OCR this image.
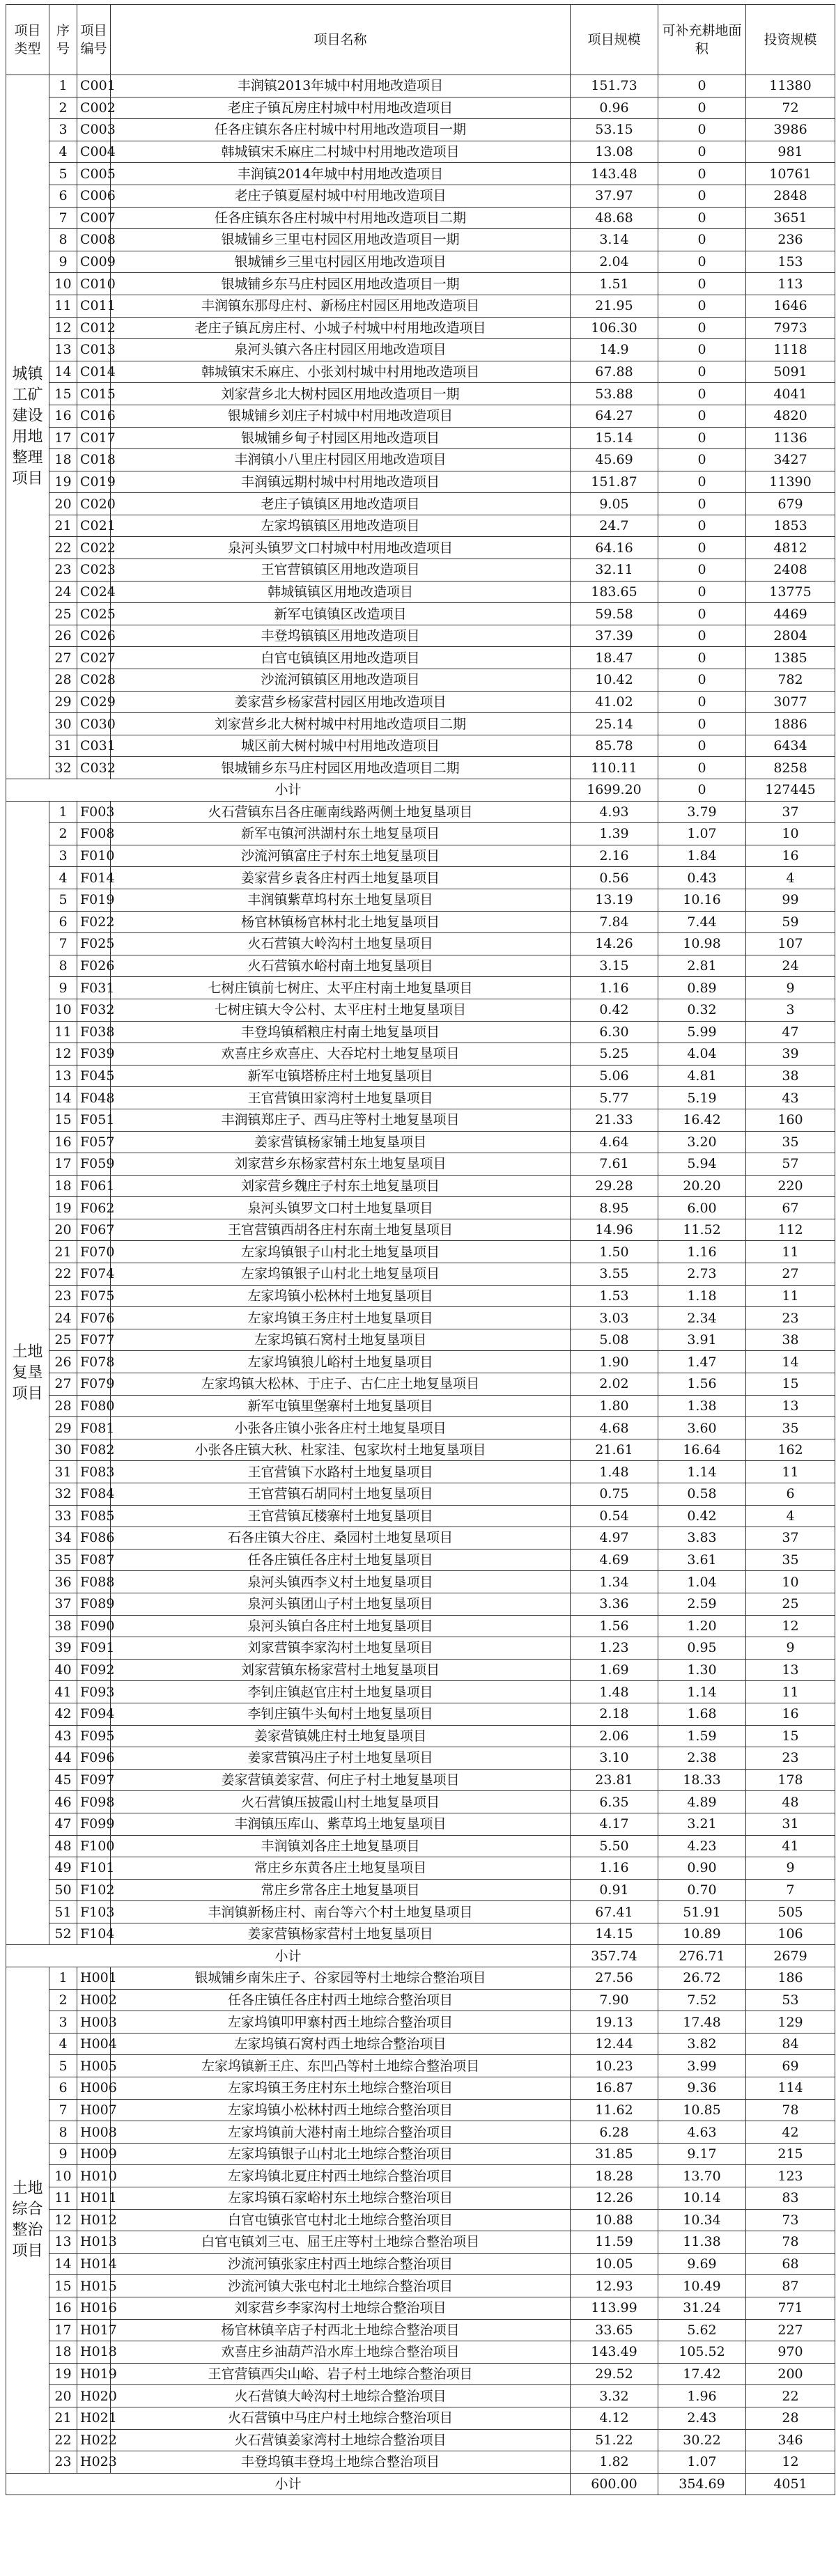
项目类型	序号	项目编号	项目名称	项目规模	可补充耕地面积	投资规模
城镇工矿建设用地整理项目	1	C001	丰润镇2013年城中村用地改造项目	151.73	0	11380
	2	C002	老庄子镇瓦房庄村城中村用地改造项目	0.96	0	72
	3	C003	任各庄镇东各庄村城中村用地改造项目一期	53.15	0	3986
	4	C004	韩城镇宋禾麻庄二村城中村用地改造项目	13.08	0	981
	5	C005	丰润镇2014年城中村用地改造项目	143.48	0	10761
	6	C006	老庄子镇夏屋村城中村用地改造项目	37.97	0	2848
	7	C007	任各庄镇东各庄村城中村用地改造项目二期	48.68	0	3651
	8	C008	银城铺乡三里屯村园区用地改造项目一期	3.14	0	236
	9	C009	银城铺乡三里屯村园区用地改造项目	2.04	0	153
	10	C010	银城铺乡东马庄村园区用地改造项目一期	1.51	0	113
	11	C011	丰润镇东那母庄村、新杨庄村园区用地改造项目	21.95	0	1646
	12	C012	老庄子镇瓦房庄村、小城子村城中村用地改造项目	106.30	0	7973
	13	C013	泉河头镇六各庄村园区用地改造项目	14.9	0	1118
	14	C014	韩城镇宋禾麻庄、小张刘村城中村用地改造项目	67.88	0	5091
	15	C015	刘家营乡北大树村园区用地改造项目一期	53.88	0	4041
	16	C016	银城铺乡刘庄子村城中村用地改造项目	64.27	0	4820
	17	C017	银城铺乡甸子村园区用地改造项目	15.14	0	1136
	18	C018	丰润镇小八里庄村园区用地改造项目	45.69	0	3427
	19	C019	丰润镇远期村城中村用地改造项目	151.87	0	11390
	20	C020	老庄子镇镇区用地改造项目	9.05	0	679
	21	C021	左家坞镇镇区用地改造项目	24.7	0	1853
	22	C022	泉河头镇罗文口村城中村用地改造项目	64.16	0	4812
	23	C023	王官营镇镇区用地改造项目	32.11	0	2408
	24	C024	韩城镇镇区用地改造项目	183.65	0	13775
	25	C025	新军屯镇镇区改造项目	59.58	0	4469
	26	C026	丰登坞镇镇区用地改造项目	37.39	0	2804
	27	C027	白官屯镇镇区用地改造项目	18.47	0	1385
	28	C028	沙流河镇镇区用地改造项目	10.42	0	782
	29	C029	姜家营乡杨家营村园区用地改造项目	41.02	0	3077
	30	C030	刘家营乡北大树村城中村用地改造项目二期	25.14	0	1886
	31	C031	城区前大树村城中村用地改造项目	85.78	0	6434
	32	C032	银城铺乡东马庄村园区用地改造项目二期	110.11	0	8258
小计				1699.20	0	127445
土地复垦项目	1	F003	火石营镇东吕各庄砸南线路两侧土地复垦项目	4.93	3.79	37
	2	F008	新军屯镇河洪湖村东土地复垦项目	1.39	1.07	10
	3	F010	沙流河镇富庄子村东土地复垦项目	2.16	1.84	16
	4	F014	姜家营乡袁各庄村西土地复垦项目	0.56	0.43	4
	5	F019	丰润镇紫草坞村东土地复垦项目	13.19	10.16	99
	6	F022	杨官林镇杨官林村北土地复垦项目	7.84	7.44	59
	7	F025	火石营镇大岭沟村土地复垦项目	14.26	10.98	107
	8	F026	火石营镇水峪村南土地复垦项目	3.15	2.81	24
	9	F031	七树庄镇前七树庄、太平庄村南土地复垦项目	1.16	0.89	9
	10	F032	七树庄镇大令公村、太平庄村土地复垦项目	0.42	0.32	3
	11	F038	丰登坞镇稻粮庄村南土地复垦项目	6.30	5.99	47
	12	F039	欢喜庄乡欢喜庄、大吞坨村土地复垦项目	5.25	4.04	39
	13	F045	新军屯镇塔桥庄村土地复垦项目	5.06	4.81	38
	14	F048	王官营镇田家湾村土地复垦项目	5.77	5.19	43
	15	F051	丰润镇郑庄子、西马庄等村土地复垦项目	21.33	16.42	160
	16	F057	姜家营镇杨家铺土地复垦项目	4.64	3.20	35
	17	F059	刘家营乡东杨家营村东土地复垦项目	7.61	5.94	57
	18	F061	刘家营乡魏庄子村东土地复垦项目	29.28	20.20	220
	19	F062	泉河头镇罗文口村土地复垦项目	8.95	6.00	67
	20	F067	王官营镇西胡各庄村东南土地复垦项目	14.96	11.52	112
	21	F070	左家坞镇银子山村北土地复垦项目	1.50	1.16	11
	22	F074	左家坞镇银子山村北土地复垦项目	3.55	2.73	27
	23	F075	左家坞镇小松林村土地复垦项目	1.53	1.18	11
	24	F076	左家坞镇王务庄村土地复垦项目	3.03	2.34	23
	25	F077	左家坞镇石窝村土地复垦项目	5.08	3.91	38
	26	F078	左家坞镇狼儿峪村土地复垦项目	1.90	1.47	14
	27	F079	左家坞镇大松林、于庄子、古仁庄土地复垦项目	2.02	1.56	15
	28	F080	新军屯镇里堡寨村土地复垦项目	1.80	1.38	13
	29	F081	小张各庄镇小张各庄村土地复垦项目	4.68	3.60	35
	30	F082	小张各庄镇大秋、杜家洼、包家坎村土地复垦项目	21.61	16.64	162
	31	F083	王官营镇下水路村土地复垦项目	1.48	1.14	11
	32	F084	王官营镇石胡同村土地复垦项目	0.75	0.58	6
	33	F085	王官营镇瓦楼寨村土地复垦项目	0.54	0.42	4
	34	F086	石各庄镇大谷庄、桑园村土地复垦项目	4.97	3.83	37
	35	F087	任各庄镇任各庄村土地复垦项目	4.69	3.61	35
	36	F088	泉河头镇西李义村土地复垦项目	1.34	1.04	10
	37	F089	泉河头镇团山子村土地复垦项目	3.36	2.59	25
	38	F090	泉河头镇白各庄村土地复垦项目	1.56	1.20	12
	39	F091	刘家营镇李家沟村土地复垦项目	1.23	0.95	9
	40	F092	刘家营镇东杨家营村土地复垦项目	1.69	1.30	13
	41	F093	李钊庄镇赵官庄村土地复垦项目	1.48	1.14	11
	42	F094	李钊庄镇牛头甸村土地复垦项目	2.18	1.68	16
	43	F095	姜家营镇姚庄村土地复垦项目	2.06	1.59	15
	44	F096	姜家营镇冯庄子村土地复垦项目	3.10	2.38	23
	45	F097	姜家营镇姜家营、何庄子村土地复垦项目	23.81	18.33	178
	46	F098	火石营镇压披霞山村土地复垦项目	6.35	4.89	48
	47	F099	丰润镇压库山、紫草坞土地复垦项目	4.17	3.21	31
	48	F100	丰润镇刘各庄土地复垦项目	5.50	4.23	41
	49	F101	常庄乡东黄各庄土地复垦项目	1.16	0.90	9
	50	F102	常庄乡常各庄土地复垦项目	0.91	0.70	7
	51	F103	丰润镇新杨庄村、南台等六个村土地复垦项目	67.41	51.91	505
	52	F104	姜家营镇杨家营村土地复垦项目	14.15	10.89	106
小计				357.74	276.71	2679
土地综合整治项目	1	H001	银城铺乡南朱庄子、谷家园等村土地综合整治项目	27.56	26.72	186
	2	H002	任各庄镇任各庄村西土地综合整治项目	7.90	7.52	53
	3	H003	左家坞镇叩甲寨村西土地综合整治项目	19.13	17.48	129
	4	H004	左家坞镇石窝村西土地综合整治项目	12.44	3.82	84
	5	H005	左家坞镇新王庄、东凹凸等村土地综合整治项目	10.23	3.99	69
	6	H006	左家坞镇王务庄村东土地综合整治项目	16.87	9.36	114
	7	H007	左家坞镇小松林村西土地综合整治项目	11.62	10.85	78
	8	H008	左家坞镇前大港村南土地综合整治项目	6.28	4.63	42
	9	H009	左家坞镇银子山村北土地综合整治项目	31.85	9.17	215
	10	H010	左家坞镇北夏庄村西土地综合整治项目	18.28	13.70	123
	11	H011	左家坞镇石家峪村东土地综合整治项目	12.26	10.14	83
	12	H012	白官屯镇张官屯村北土地综合整治项目	10.88	10.34	73
	13	H013	白官屯镇刘三屯、屈王庄等村土地综合整治项目	11.59	11.38	78
	14	H014	沙流河镇张家庄村西土地综合整治项目	10.05	9.69	68
	15	H015	沙流河镇大张屯村北土地综合整治项目	12.93	10.49	87
	16	H016	刘家营乡李家沟村土地综合整治项目	113.99	31.24	771
	17	H017	杨官林镇辛店子村西北土地综合整治项目	33.65	5.62	227
	18	H018	欢喜庄乡油葫芦沿水库土地综合整治项目	143.49	105.52	970
	19	H019	王官营镇西尖山峪、岩子村土地综合整治项目	29.52	17.42	200
	20	H020	火石营镇大岭沟村土地综合整治项目	3.32	1.96	22
	21	H021	火石营镇中马庄户村土地综合整治项目	4.12	2.43	28
	22	H022	火石营镇姜家湾村土地综合整治项目	51.22	30.22	346
	23	H023	丰登坞镇丰登坞土地综合整治项目	1.82	1.07	12
小计				600.00	354.69	4051
